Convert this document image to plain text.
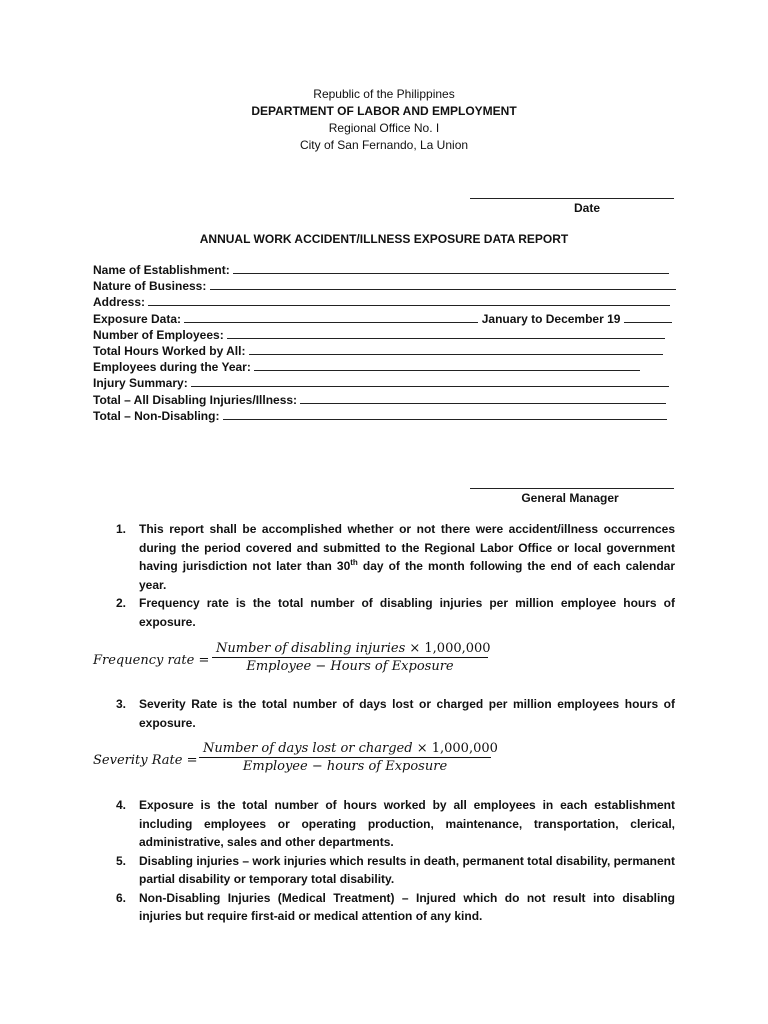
Republic of the Philippines
DEPARTMENT OF LABOR AND EMPLOYMENT
Regional Office No. I
City of San Fernando, La Union
Date
ANNUAL WORK ACCIDENT/ILLNESS EXPOSURE DATA REPORT
Name of Establishment:
Nature of Business:
Address:
Exposure Data:	January to December 19
Number of Employees:
Total Hours Worked by All:
Employees during the Year:
Injury Summary:
Total – All Disabling Injuries/Illness:
Total – Non-Disabling:
General Manager
1. This report shall be accomplished whether or not there were accident/illness occurrences during the period covered and submitted to the Regional Labor Office or local government having jurisdiction not later than 30th day of the month following the end of each calendar year.
2. Frequency rate is the total number of disabling injuries per million employee hours of exposure.
Frequency rate =
Number of disabling injuries × 1,000,000
Employee − Hours of Exposure
3. Severity Rate is the total number of days lost or charged per million employees hours of exposure.
Severity Rate =
Number of days lost or charged × 1,000,000
Employee − hours of Exposure
4. Exposure is the total number of hours worked by all employees in each establishment including employees or operating production, maintenance, transportation, clerical, administrative, sales and other departments.
5. Disabling injuries – work injuries which results in death, permanent total disability, permanent partial disability or temporary total disability.
6. Non-Disabling Injuries (Medical Treatment) – Injured which do not result into disabling injuries but require first-aid or medical attention of any kind.
